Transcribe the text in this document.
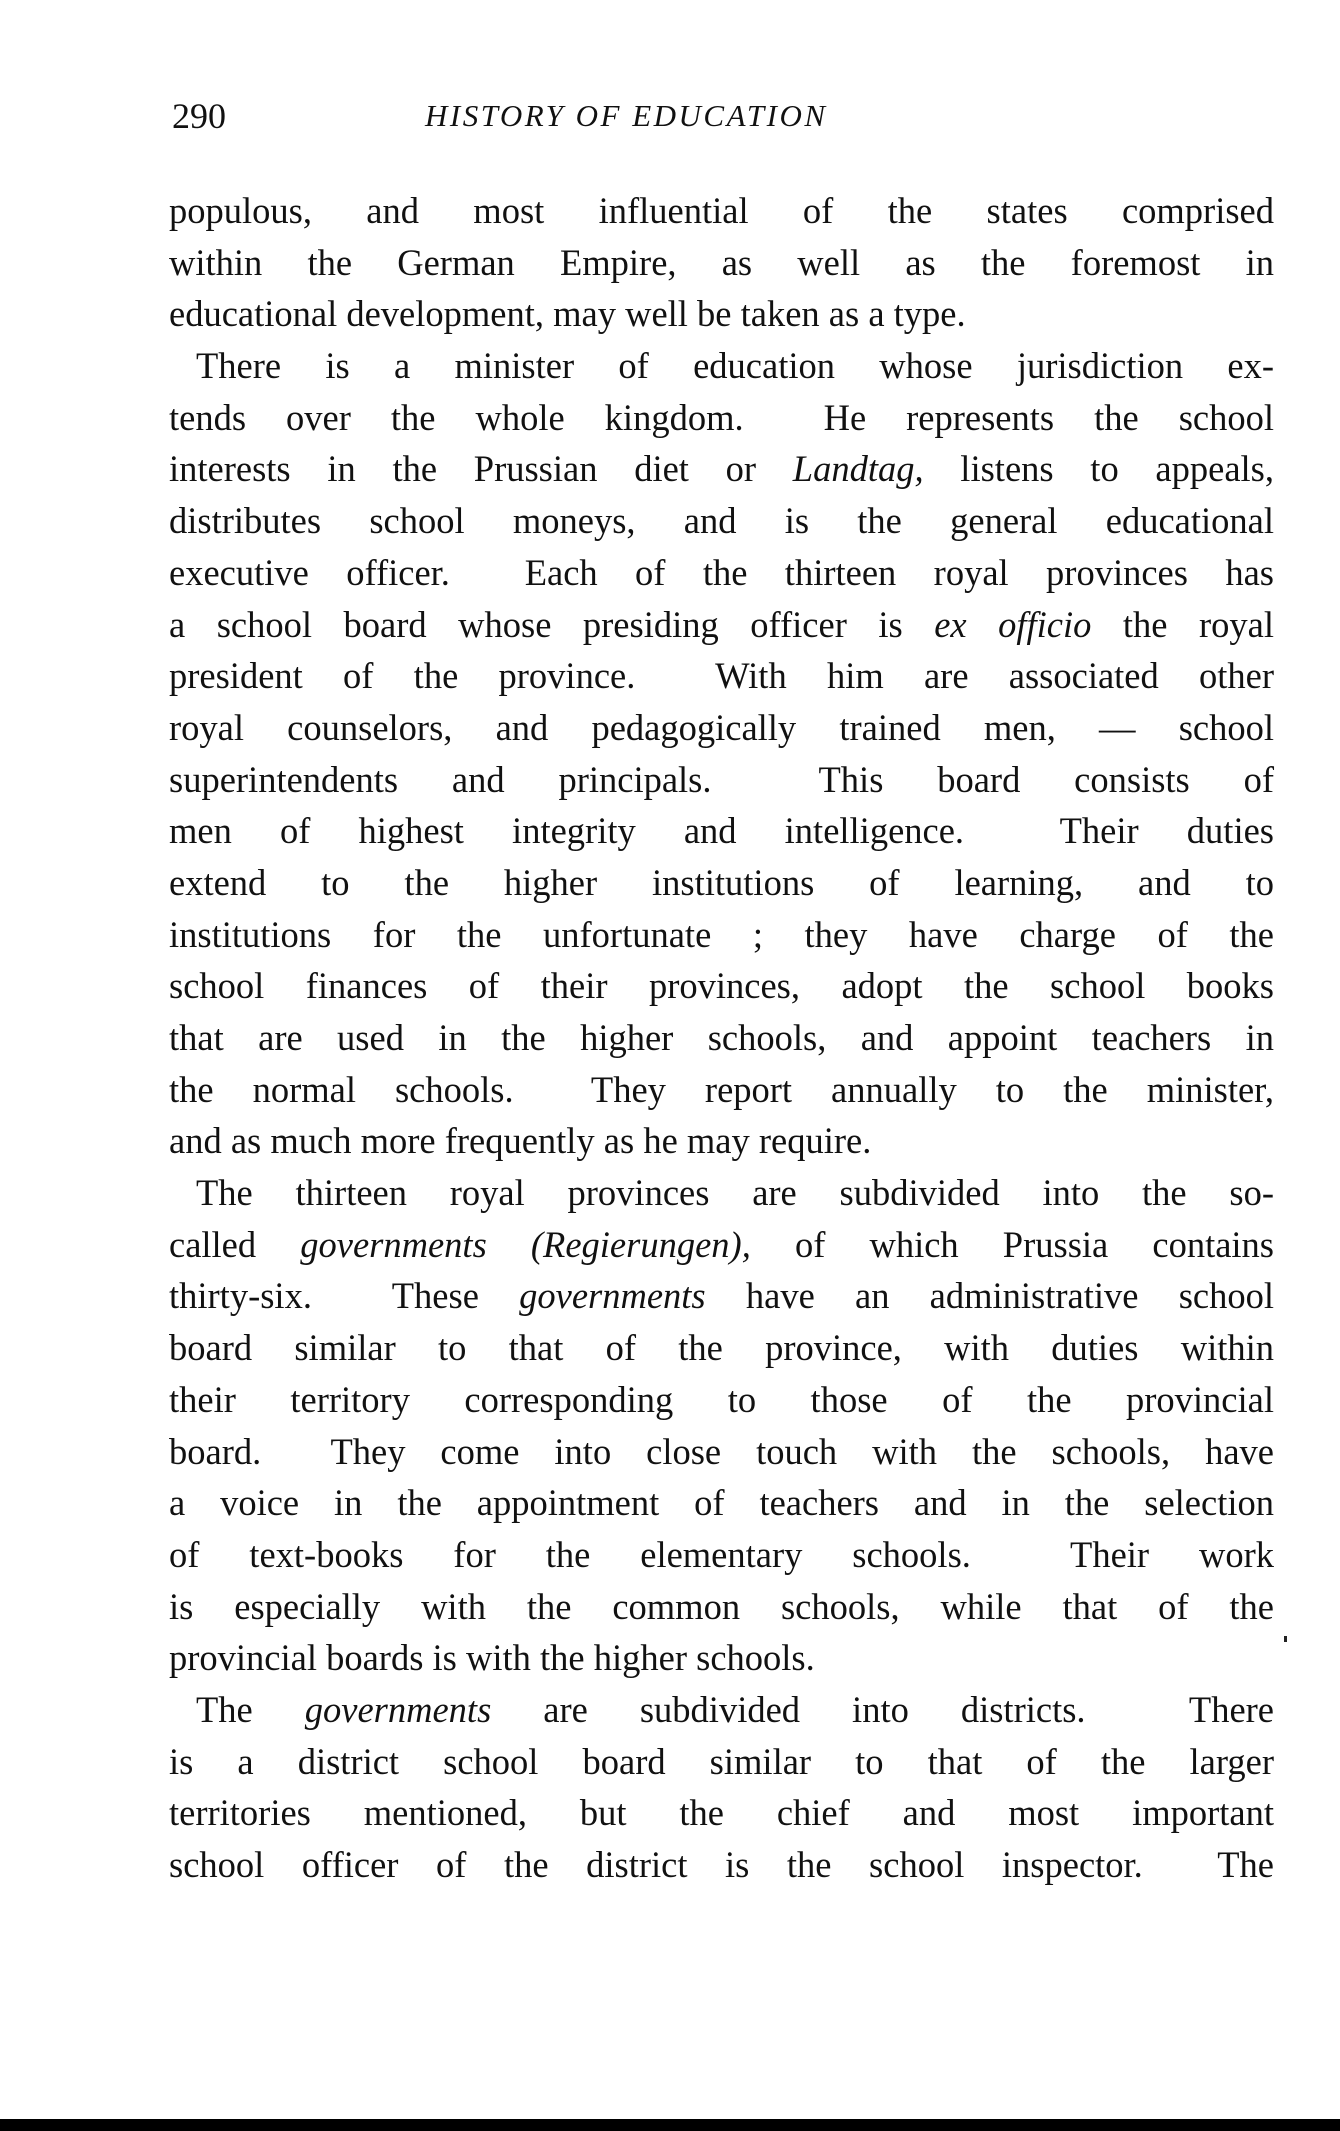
290	HISTORY OF EDUCATION
populous, and most influential of the states comprised
within the German Empire, as well as the foremost in
educational development, may well be taken as a type.
There is a minister of education whose jurisdiction ex-
tends over the whole kingdom.  He represents the school
interests in the Prussian diet or Landtag, listens to appeals,
distributes school moneys, and is the general educational
executive officer.  Each of the thirteen royal provinces has
a school board whose presiding officer is ex officio the royal
president of the province.  With him are associated other
royal counselors, and pedagogically trained men, — school
superintendents and principals.  This board consists of
men of highest integrity and intelligence.  Their duties
extend to the higher institutions of learning, and to
institutions for the unfortunate ; they have charge of the
school finances of their provinces, adopt the school books
that are used in the higher schools, and appoint teachers in
the normal schools.  They report annually to the minister,
and as much more frequently as he may require.
The thirteen royal provinces are subdivided into the so-
called governments (Regierungen), of which Prussia contains
thirty-six.  These governments have an administrative school
board similar to that of the province, with duties within
their territory corresponding to those of the provincial
board.  They come into close touch with the schools, have
a voice in the appointment of teachers and in the selection
of text-books for the elementary schools.  Their work
is especially with the common schools, while that of the
provincial boards is with the higher schools.
The governments are subdivided into districts.  There
is a district school board similar to that of the larger
territories mentioned, but the chief and most important
school officer of the district is the school inspector.  The
